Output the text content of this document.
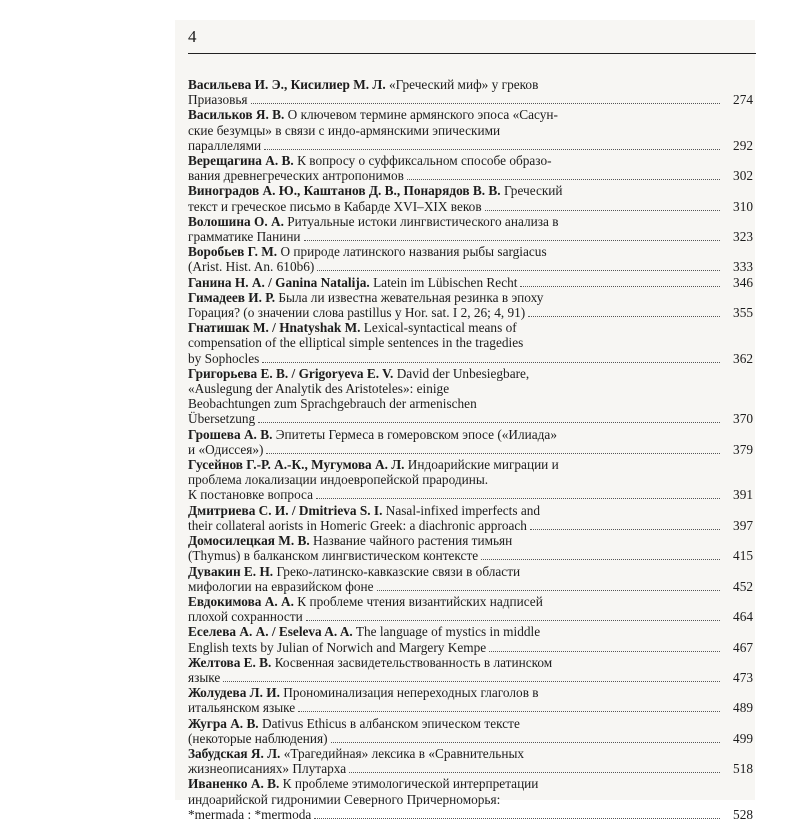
4
Васильева И. Э., Кисилиер М. Л. «Греческий миф» у греков
Приазовья	274
Васильков Я. В. О ключевом термине армянского эпоса «Сасун-
ские безумцы» в связи с индо-армянскими эпическими
параллелями	292
Верещагина А. В. К вопросу о суффиксальном способе образо-
вания древнегреческих антропонимов	302
Виноградов А. Ю., Каштанов Д. В., Понарядов В. В. Греческий
текст и греческое письмо в Кабарде XVI–XIX веков	310
Волошина О. А. Ритуальные истоки лингвистического анализа в
грамматике Панини	323
Воробьев Г. М. О природе латинского названия рыбы sargiacus
(Arist. Hist. An. 610b6)	333
Ганина Н. А. / Ganina Natalija. Latein im Lübischen Recht	346
Гимадеев И. Р. Была ли известна жевательная резинка в эпоху
Горация? (о значении слова pastillus у Hor. sat. I 2, 26; 4, 91)	355
Гнатишак М. / Hnatyshak M. Lexical-syntactical means of
compensation of the elliptical simple sentences in the tragedies
by Sophocles	362
Григорьева Е. В. / Grigoryeva E. V. David der Unbesiegbare,
«Auslegung der Analytik des Aristoteles»: einige
Beobachtungen zum Sprachgebrauch der armenischen
Übersetzung	370
Грошева А. В. Эпитеты Гермеса в гомеровском эпосе («Илиада»
и «Одиссея»)	379
Гусейнов Г.-Р. А.-К., Мугумова А. Л. Индоарийские миграции и
проблема локализации индоевропейской прародины.
К постановке вопроса	391
Дмитриева С. И. / Dmitrieva S. I. Nasal-infixed imperfects and
their collateral aorists in Homeric Greek: a diachronic approach	397
Домосилецкая М. В. Название чайного растения тимьян
(Thymus) в балканском лингвистическом контексте	415
Дувакин Е. Н. Греко-латинско-кавказские связи в области
мифологии на евразийском фоне	452
Евдокимова А. А. К проблеме чтения византийских надписей
плохой сохранности	464
Еселева А. А. / Eseleva A. A. The language of mystics in middle
English texts by Julian of Norwich and Margery Kempe	467
Желтова Е. В. Косвенная засвидетельствованность в латинском
языке	473
Жолудева Л. И. Прономинализация непереходных глаголов в
итальянском языке	489
Жугра А. В. Dativus Ethicus в албанском эпическом тексте
(некоторые наблюдения)	499
Забудская Я. Л. «Трагедийная» лексика в «Сравнительных
жизнеописаниях» Плутарха	518
Иваненко А. В. К проблеме этимологической интерпретации
индоарийской гидронимии Северного Причерноморья:
*mermada : *mermoda	528
